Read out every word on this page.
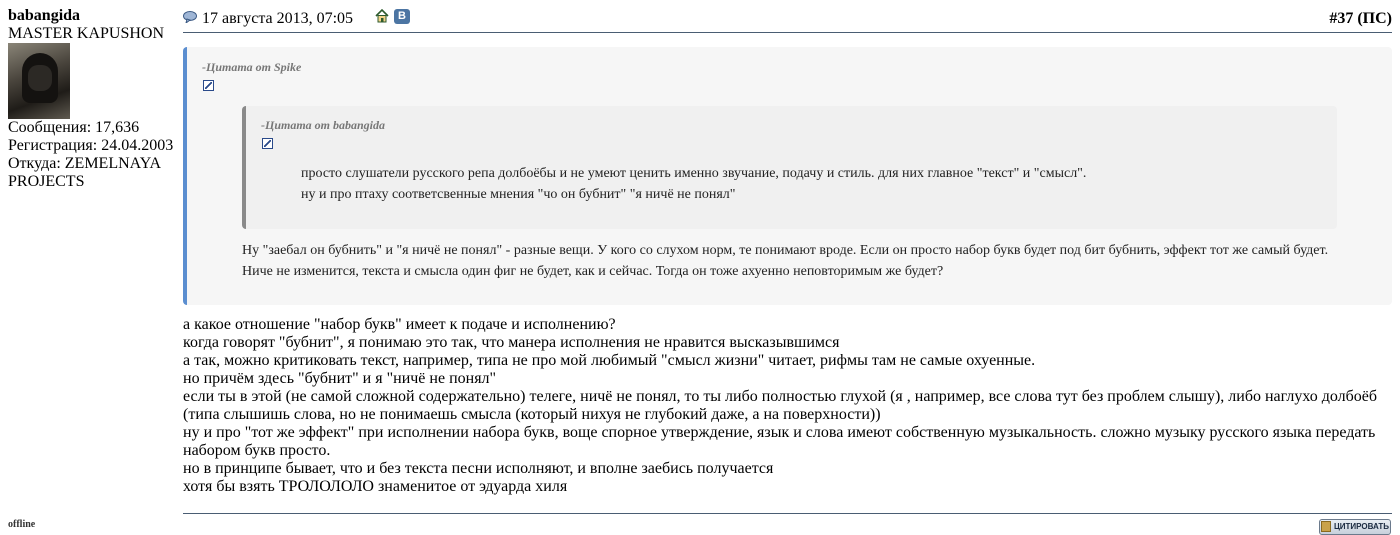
babangida
MASTER KAPUSHON
Сообщения: 17,636
Регистрация: 24.04.2003
Откуда: ZEMELNAYA PROJECTS
offline
17 августа 2013, 07:05	В	#37 (ПС)
-Цитата от Spike
Ну "заебал он бубнить" и "я ничё не понял" - разные вещи. У кого со слухом норм, те понимают вроде. Если он просто набор букв будет под бит бубнить, эффект тот же самый будет.
Ниче не изменится, текста и смысла один фиг не будет, как и сейчас. Тогда он тоже ахуенно неповторимым же будет?
-Цитата от babangida
просто слушатели русского репа долбоёбы и не умеют ценить именно звучание, подачу и стиль. для них главное "текст" и "смысл".
ну и про птаху соответсвенные мнения "чо он бубнит" "я ничё не понял"
а какое отношение "набор букв" имеет к подаче и исполнению?
когда говорят "бубнит", я понимаю это так, что манера исполнения не нравится высказывшимся
а так, можно критиковать текст, например, типа не про мой любимый "смысл жизни" читает, рифмы там не самые охуенные.
но причём здесь "бубнит" и я "ничё не понял"
если ты в этой (не самой сложной содержательно) телеге, ничё не понял, то ты либо полностью глухой (я , например, все слова тут без проблем слышу), либо наглухо долбоёб (типа слышишь слова, но не понимаешь смысла (который нихуя не глубокий даже, а на поверхности))
ну и про "тот же эффект" при исполнении набора букв, воще спорное утверждение, язык и слова имеют собственную музыкальность. сложно музыку русского языка передать набором букв просто.
но в принципе бывает, что и без текста песни исполняют, и вполне заебись получается
хотя бы взять ТРОЛОЛОЛО знаменитое от эдуарда хиля
ЦИТИРОВАТЬ
